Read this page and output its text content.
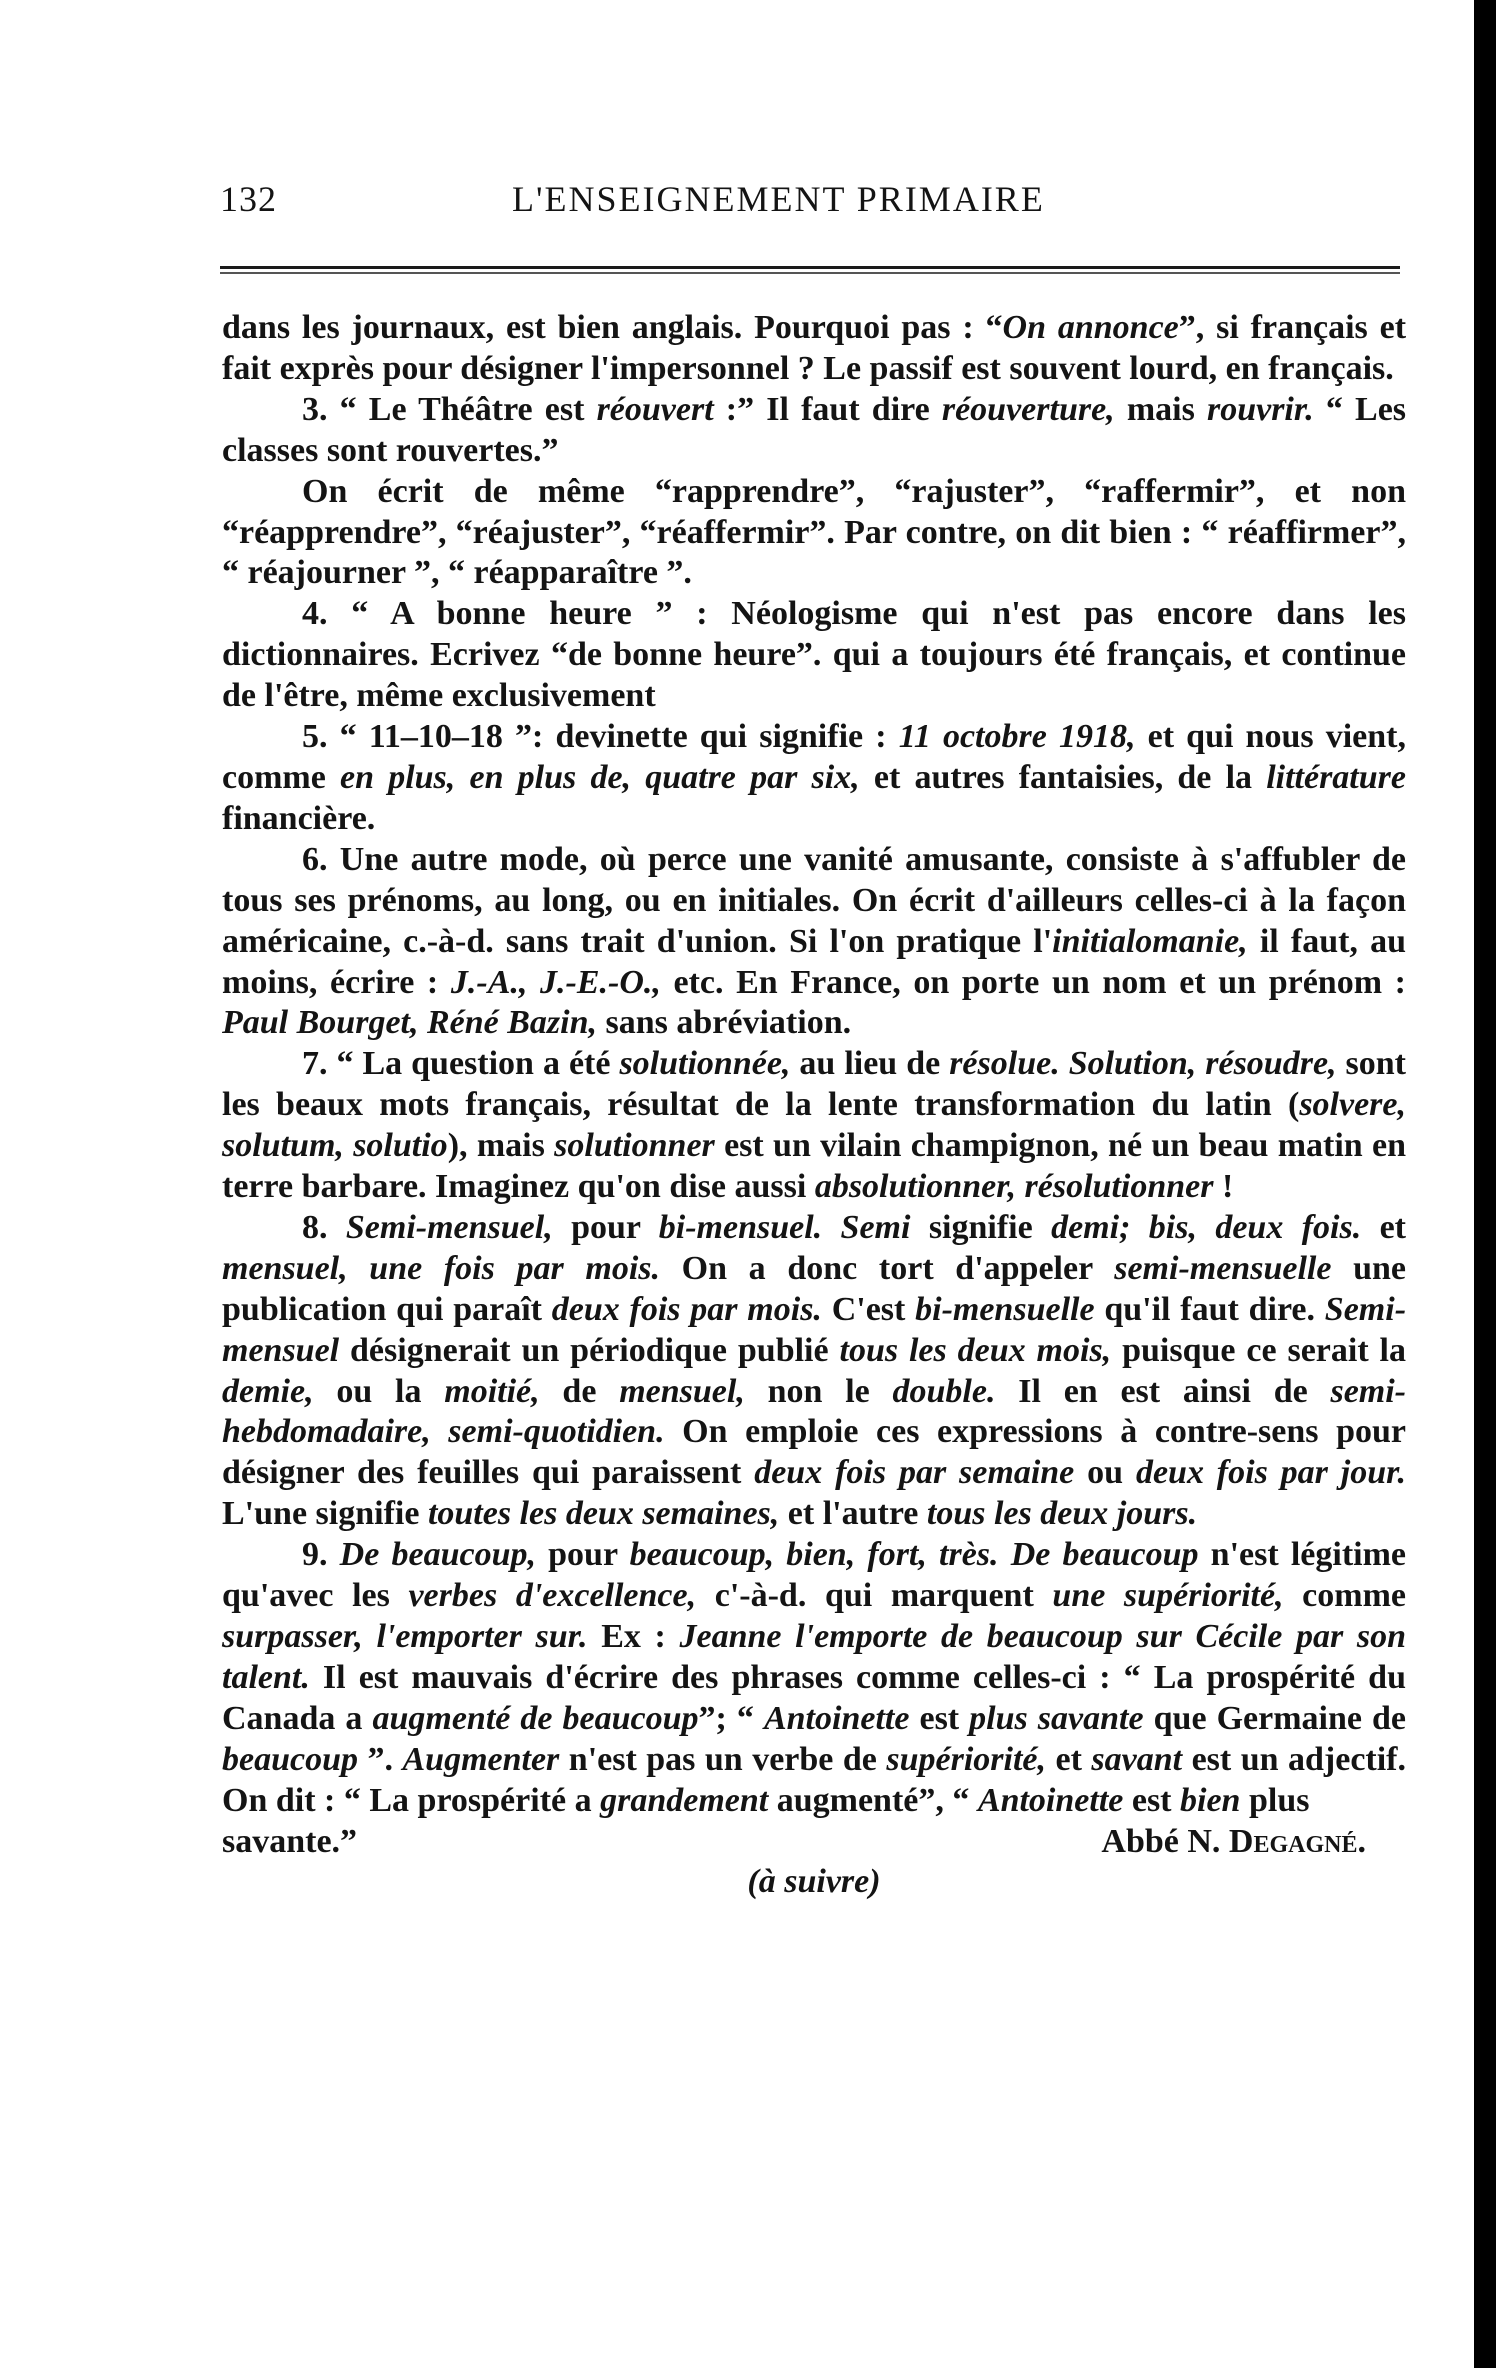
132	L'ENSEIGNEMENT PRIMAIRE

dans les journaux, est bien anglais. Pourquoi pas : “On annonce”, si français et fait exprès pour désigner l'impersonnel ? Le passif est souvent lourd, en français.

3. “ Le Théâtre est réouvert :” Il faut dire réouverture, mais rouvrir. “ Les classes sont rouvertes.”

On écrit de même “rapprendre”, “rajuster”, “raffermir”, et non “réapprendre”, “réajuster”, “réaffermir”. Par contre, on dit bien : “ réaffirmer”, “ réajourner ”, “ réapparaître ”.

4. “ A bonne heure ” : Néologisme qui n'est pas encore dans les dictionnaires. Ecrivez “de bonne heure”. qui a toujours été français, et continue de l'être, même exclusivement

5. “ 11–10–18 ”: devinette qui signifie : 11 octobre 1918, et qui nous vient, comme en plus, en plus de, quatre par six, et autres fantaisies, de la littérature financière.

6. Une autre mode, où perce une vanité amusante, consiste à s'affubler de tous ses prénoms, au long, ou en initiales. On écrit d'ailleurs celles-ci à la façon américaine, c.-à-d. sans trait d'union. Si l'on pratique l'initialomanie, il faut, au moins, écrire : J.-A., J.-E.-O., etc. En France, on porte un nom et un prénom : Paul Bourget, Réné Bazin, sans abréviation.

7. “ La question a été solutionnée, au lieu de résolue. Solution, résoudre, sont les beaux mots français, résultat de la lente transformation du latin (solvere, solutum, solutio), mais solutionner est un vilain champignon, né un beau matin en terre barbare. Imaginez qu'on dise aussi absolutionner, résolutionner !

8. Semi-mensuel, pour bi-mensuel. Semi signifie demi; bis, deux fois. et mensuel, une fois par mois. On a donc tort d'appeler semi-mensuelle une publication qui paraît deux fois par mois. C'est bi-mensuelle qu'il faut dire. Semi-mensuel désignerait un périodique publié tous les deux mois, puisque ce serait la demie, ou la moitié, de mensuel, non le double. Il en est ainsi de semi-hebdomadaire, semi-quotidien. On emploie ces expressions à contre-sens pour désigner des feuilles qui paraissent deux fois par semaine ou deux fois par jour. L'une signifie toutes les deux semaines, et l'autre tous les deux jours.

9. De beaucoup, pour beaucoup, bien, fort, très. De beaucoup n'est légitime qu'avec les verbes d'excellence, c'-à-d. qui marquent une supériorité, comme surpasser, l'emporter sur. Ex : Jeanne l'emporte de beaucoup sur Cécile par son talent. Il est mauvais d'écrire des phrases comme celles-ci : “ La prospérité du Canada a augmenté de beaucoup”; “ Antoinette est plus savante que Germaine de beaucoup ”. Augmenter n'est pas un verbe de supériorité, et savant est un adjectif. On dit : “ La prospérité a grandement augmenté”, “ Antoinette est bien plus

savante.”	Abbé N. Degagné.

(à suivre)
